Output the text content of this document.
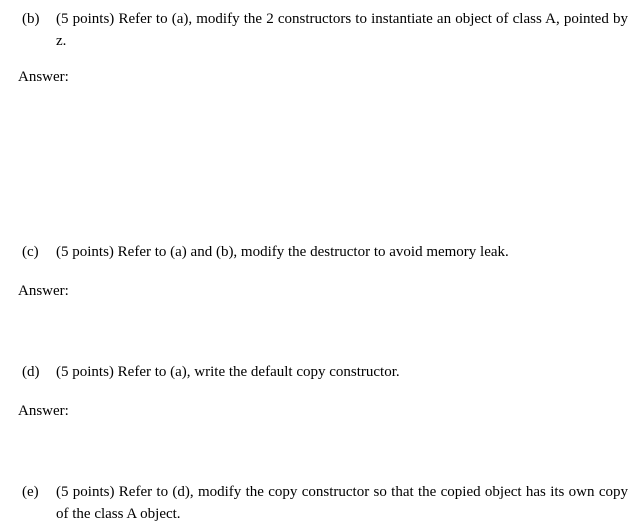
(b)	(5 points) Refer to (a), modify the 2 constructors to instantiate an object of class A, pointed by z.
Answer:
(c)	(5 points) Refer to (a) and (b), modify the destructor to avoid memory leak.
Answer:
(d)	(5 points) Refer to (a), write the default copy constructor.
Answer:
(e)	(5 points) Refer to (d), modify the copy constructor so that the copied object has its own copy of the class A object.
